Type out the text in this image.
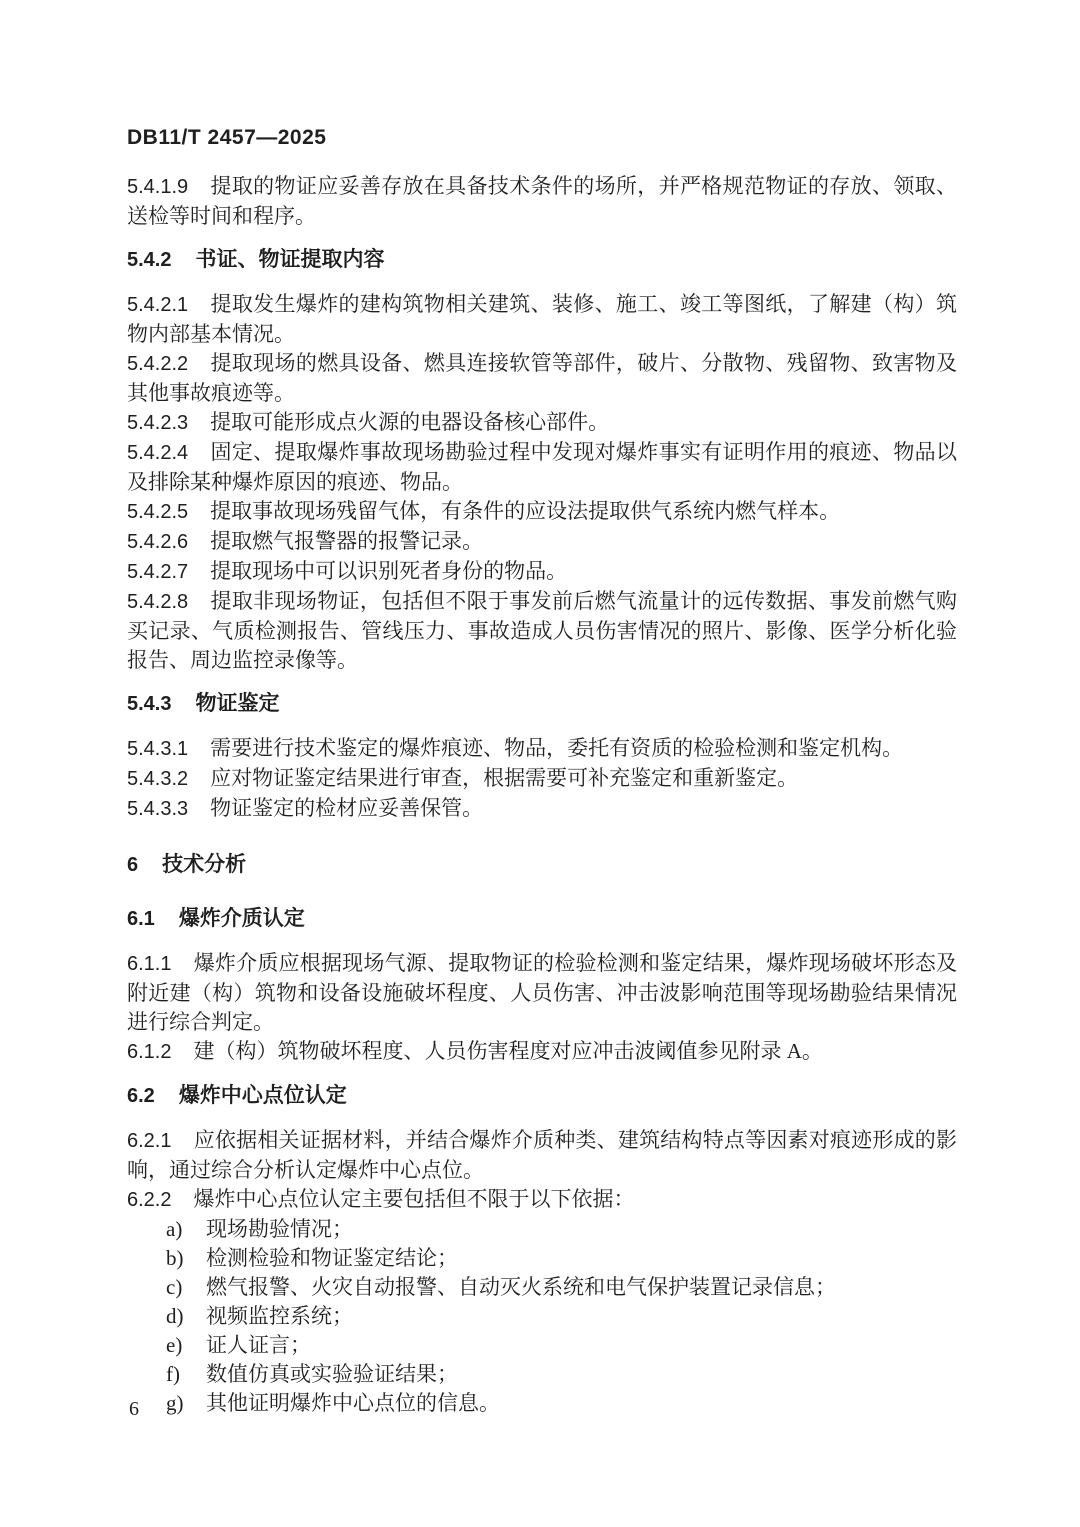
DB11/T 2457—2025
5.4.1.9 提取的物证应妥善存放在具备技术条件的场所，并严格规范物证的存放、领取、送检等时间和程序。
5.4.2 书证、物证提取内容
5.4.2.1 提取发生爆炸的建构筑物相关建筑、装修、施工、竣工等图纸，了解建（构）筑物内部基本情况。
5.4.2.2 提取现场的燃具设备、燃具连接软管等部件，破片、分散物、残留物、致害物及其他事故痕迹等。
5.4.2.3 提取可能形成点火源的电器设备核心部件。
5.4.2.4 固定、提取爆炸事故现场勘验过程中发现对爆炸事实有证明作用的痕迹、物品以及排除某种爆炸原因的痕迹、物品。
5.4.2.5 提取事故现场残留气体，有条件的应设法提取供气系统内燃气样本。
5.4.2.6 提取燃气报警器的报警记录。
5.4.2.7 提取现场中可以识别死者身份的物品。
5.4.2.8 提取非现场物证，包括但不限于事发前后燃气流量计的远传数据、事发前燃气购买记录、气质检测报告、管线压力、事故造成人员伤害情况的照片、影像、医学分析化验报告、周边监控录像等。
5.4.3 物证鉴定
5.4.3.1 需要进行技术鉴定的爆炸痕迹、物品，委托有资质的检验检测和鉴定机构。
5.4.3.2 应对物证鉴定结果进行审查，根据需要可补充鉴定和重新鉴定。
5.4.3.3 物证鉴定的检材应妥善保管。
6 技术分析
6.1 爆炸介质认定
6.1.1 爆炸介质应根据现场气源、提取物证的检验检测和鉴定结果，爆炸现场破坏形态及附近建（构）筑物和设备设施破坏程度、人员伤害、冲击波影响范围等现场勘验结果情况进行综合判定。
6.1.2 建（构）筑物破坏程度、人员伤害程度对应冲击波阈值参见附录 A。
6.2 爆炸中心点位认定
6.2.1 应依据相关证据材料，并结合爆炸介质种类、建筑结构特点等因素对痕迹形成的影响，通过综合分析认定爆炸中心点位。
6.2.2 爆炸中心点位认定主要包括但不限于以下依据：
a) 现场勘验情况；
b) 检测检验和物证鉴定结论；
c) 燃气报警、火灾自动报警、自动灭火系统和电气保护装置记录信息；
d) 视频监控系统；
e) 证人证言；
f) 数值仿真或实验验证结果；
g) 其他证明爆炸中心点位的信息。
6
